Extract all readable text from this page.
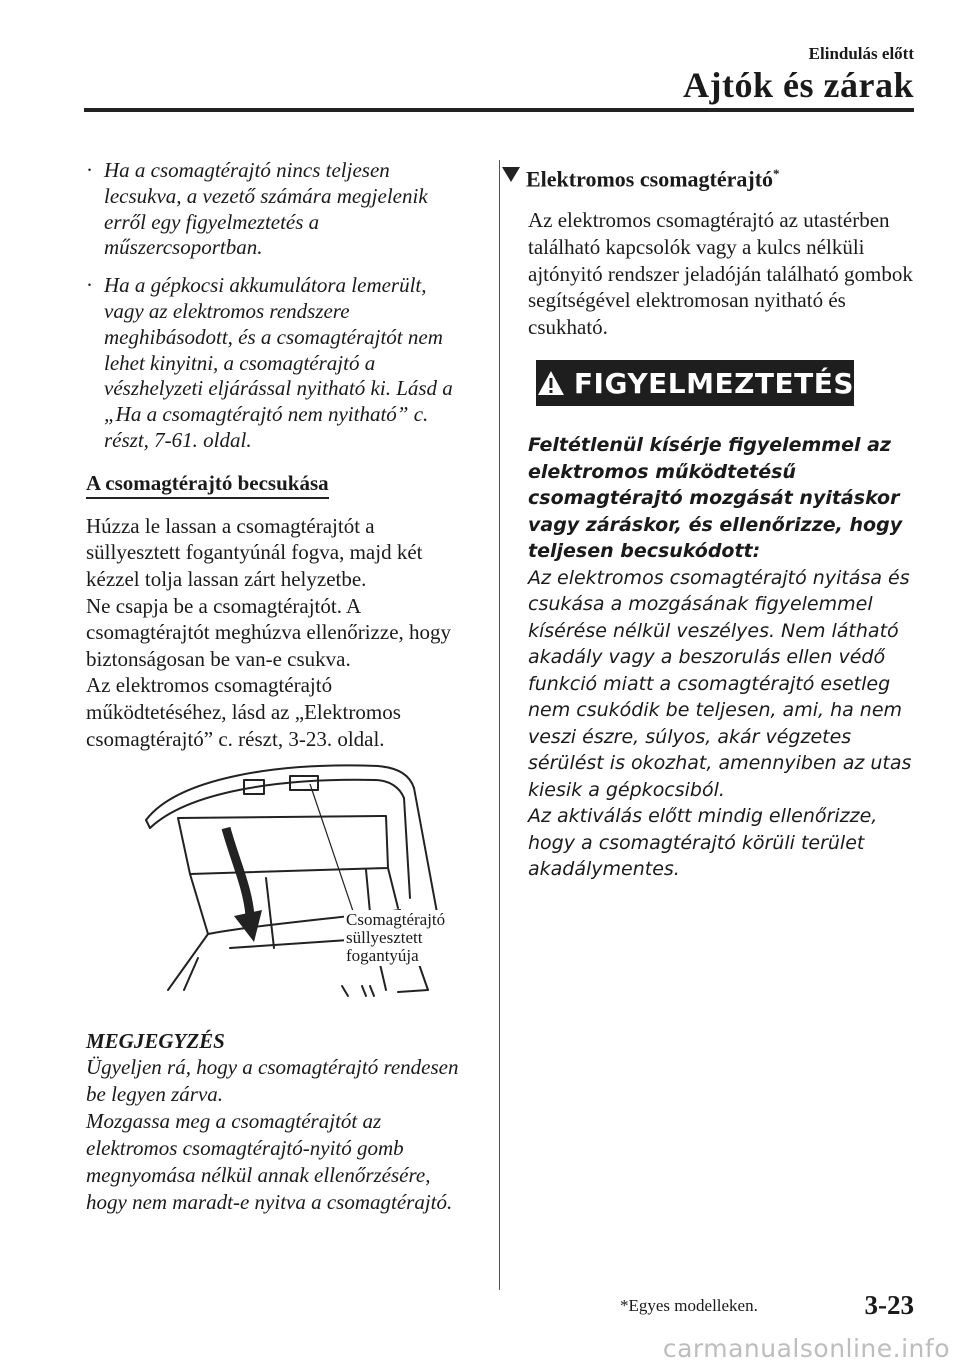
Elindulás előtt
Ajtók és zárak
· Ha a csomagtérajtó nincs teljesen lecsukva, a vezető számára megjelenik erről egy figyelmeztetés a műszercsoportban.
· Ha a gépkocsi akkumulátora lemerült, vagy az elektromos rendszere meghibásodott, és a csomagtérajtót nem lehet kinyitni, a csomagtérajtó a vészhelyzeti eljárással nyitható ki. Lásd a „Ha a csomagtérajtó nem nyitható” c. részt, 7-61. oldal.
A csomagtérajtó becsukása
Húzza le lassan a csomagtérajtót a süllyesztett fogantyúnál fogva, majd két kézzel tolja lassan zárt helyzetbe.
Ne csapja be a csomagtérajtót. A csomagtérajtót meghúzva ellenőrizze, hogy biztonságosan be van-e csukva.
Az elektromos csomagtérajtó működtetéséhez, lásd az „Elektromos csomagtérajtó” c. részt, 3-23. oldal.
Csomagtérajtó
süllyesztett
fogantyúja
MEGJEGYZÉS
Ügyeljen rá, hogy a csomagtérajtó rendesen be legyen zárva.
Mozgassa meg a csomagtérajtót az elektromos csomagtérajtó-nyitó gomb megnyomása nélkül annak ellenőrzésére, hogy nem maradt-e nyitva a csomagtérajtó.
Elektromos csomagtérajtó*
Az elektromos csomagtérajtó az utastérben található kapcsolók vagy a kulcs nélküli ajtónyitó rendszer jeladóján található gombok segítségével elektromosan nyitható és csukható.
FIGYELMEZTETÉS
Feltétlenül kísérje figyelemmel az elektromos működtetésű csomagtérajtó mozgását nyitáskor vagy záráskor, és ellenőrizze, hogy teljesen becsukódott:
Az elektromos csomagtérajtó nyitása és csukása a mozgásának figyelemmel kísérése nélkül veszélyes. Nem látható akadály vagy a beszorulás ellen védő funkció miatt a csomagtérajtó esetleg nem csukódik be teljesen, ami, ha nem veszi észre, súlyos, akár végzetes sérülést is okozhat, amennyiben az utas kiesik a gépkocsiból.
Az aktiválás előtt mindig ellenőrizze, hogy a csomagtérajtó körüli terület akadálymentes.
*Egyes modelleken.	3-23
carmanualsonline.info
